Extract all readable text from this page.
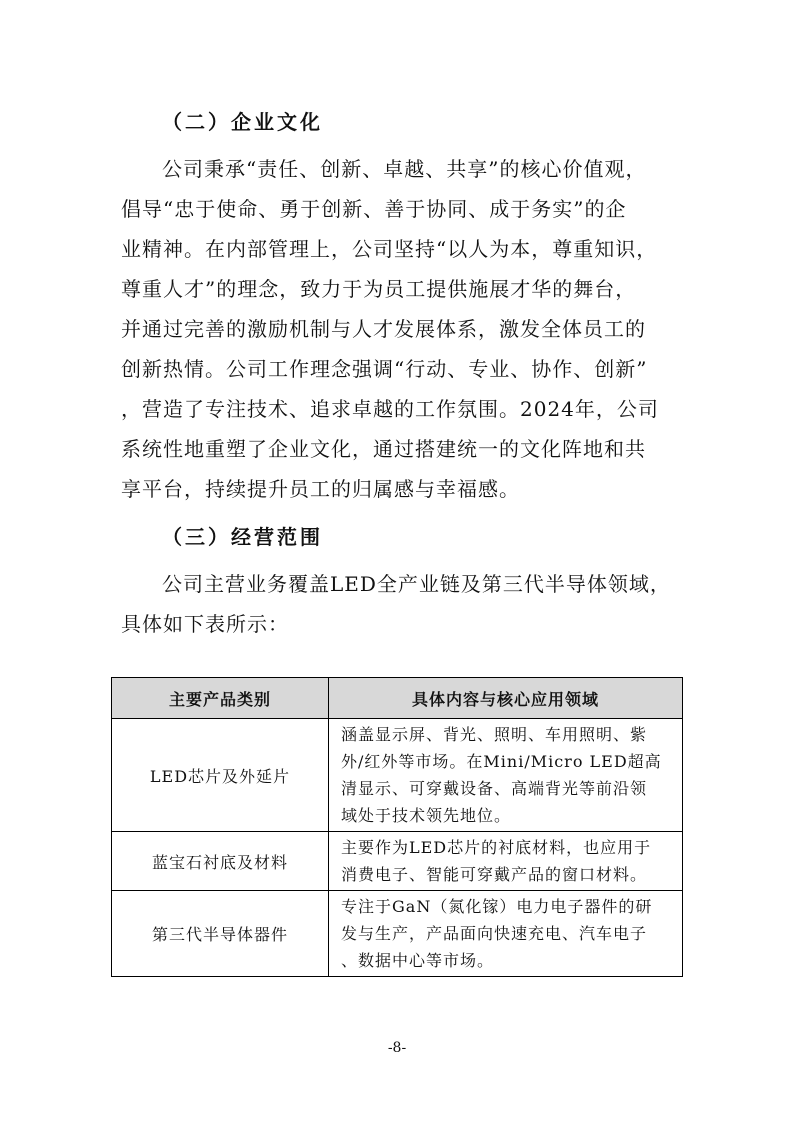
（二）企业文化
公司秉承“责任、创新、卓越、共享”的核心价值观，
倡导“忠于使命、勇于创新、善于协同、成于务实”的企
业精神。在内部管理上，公司坚持“以人为本，尊重知识，
尊重人才”的理念，致力于为员工提供施展才华的舞台，
并通过完善的激励机制与人才发展体系，激发全体员工的
创新热情。公司工作理念强调“行动、专业、协作、创新”
，营造了专注技术、追求卓越的工作氛围。2024年，公司
系统性地重塑了企业文化，通过搭建统一的文化阵地和共
享平台，持续提升员工的归属感与幸福感。
（三）经营范围
公司主营业务覆盖LED全产业链及第三代半导体领域，
具体如下表所示：
主要产品类别	具体内容与核心应用领域
LED芯片及外延片	涵盖显示屏、背光、照明、车用照明、紫
外/红外等市场。在Mini/Micro LED超高
清显示、可穿戴设备、高端背光等前沿领
域处于技术领先地位。

蓝宝石衬底及材料	主要作为LED芯片的衬底材料，也应用于
消费电子、智能可穿戴产品的窗口材料。

第三代半导体器件	专注于GaN（氮化镓）电力电子器件的研
发与生产，产品面向快速充电、汽车电子
、数据中心等市场。
-8-
